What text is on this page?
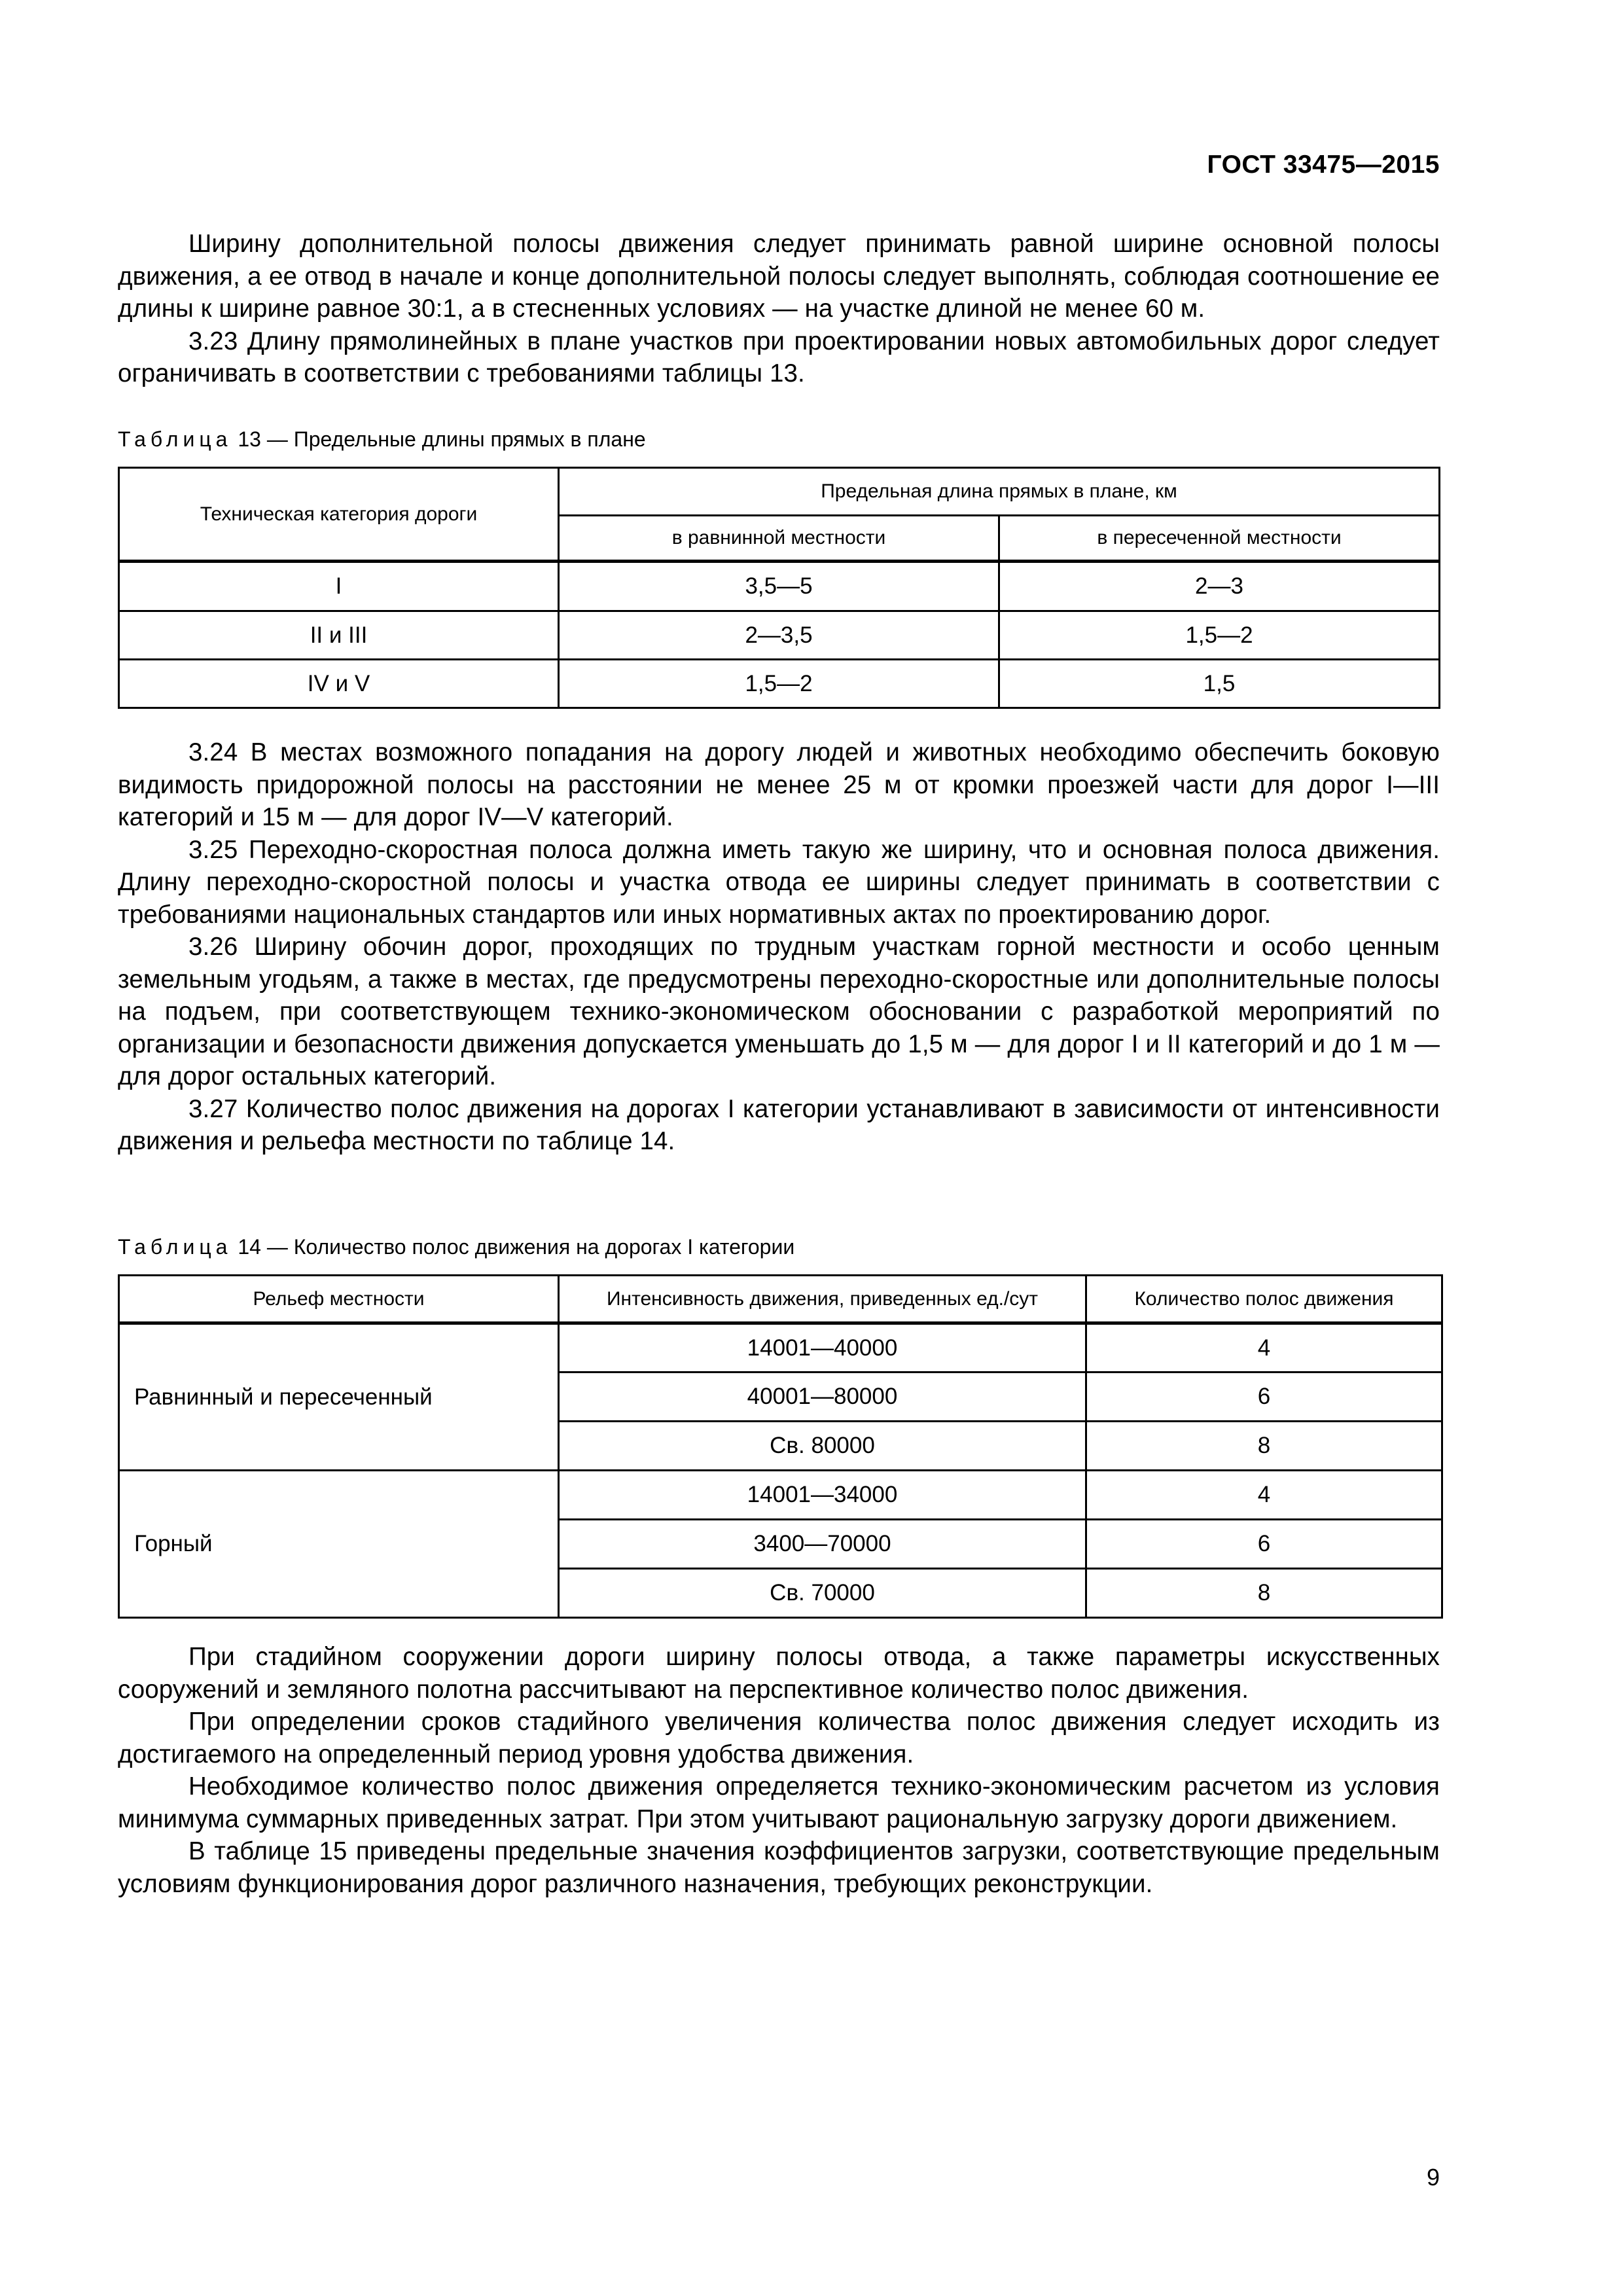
ГОСТ 33475—2015

Ширину дополнительной полосы движения следует принимать равной ширине основной полосы движения, а ее отвод в начале и конце дополнительной полосы следует выполнять, соблюдая соотношение ее длины к ширине равное 30:1, а в стесненных условиях — на участке длиной не менее 60 м.

3.23 Длину прямолинейных в плане участков при проектировании новых автомобильных дорог следует ограничивать в соответствии с требованиями таблицы 13.

Таблица 13 — Предельные длины прямых в плане

Техническая категория дороги	Предельная длина прямых в плане, км	
	в равнинной местности	в пересеченной местности
I	3,5—5	2—3
II и III	2—3,5	1,5—2
IV и V	1,5—2	1,5

3.24 В местах возможного попадания на дорогу людей и животных необходимо обеспечить боковую видимость придорожной полосы на расстоянии не менее 25 м от кромки проезжей части для дорог I—III категорий и 15 м — для дорог IV—V категорий.

3.25 Переходно-скоростная полоса должна иметь такую же ширину, что и основная полоса движения. Длину переходно-скоростной полосы и участка отвода ее ширины следует принимать в соответствии с требованиями национальных стандартов или иных нормативных актах по проектированию дорог.

3.26 Ширину обочин дорог, проходящих по трудным участкам горной местности и особо ценным земельным угодьям, а также в местах, где предусмотрены переходно-скоростные или дополнительные полосы на подъем, при соответствующем технико-экономическом обосновании с разработкой мероприятий по организации и безопасности движения допускается уменьшать до 1,5 м — для дорог I и II категорий и до 1 м — для дорог остальных категорий.

3.27 Количество полос движения на дорогах I категории устанавливают в зависимости от интенсивности движения и рельефа местности по таблице 14.

Таблица 14 — Количество полос движения на дорогах I категории

Рельеф местности	Интенсивность движения, приведенных ед./сут	Количество полос движения
Равнинный и пересеченный	14001—40000	4
	40001—80000	6
	Св. 80000	8
Горный	14001—34000	4
	3400—70000	6
	Св. 70000	8

При стадийном сооружении дороги ширину полосы отвода, а также параметры искусственных сооружений и земляного полотна рассчитывают на перспективное количество полос движения.

При определении сроков стадийного увеличения количества полос движения следует исходить из достигаемого на определенный период уровня удобства движения.

Необходимое количество полос движения определяется технико-экономическим расчетом из условия минимума суммарных приведенных затрат. При этом учитывают рациональную загрузку дороги движением.

В таблице 15 приведены предельные значения коэффициентов загрузки, соответствующие предельным условиям функционирования дорог различного назначения, требующих реконструкции.

9
